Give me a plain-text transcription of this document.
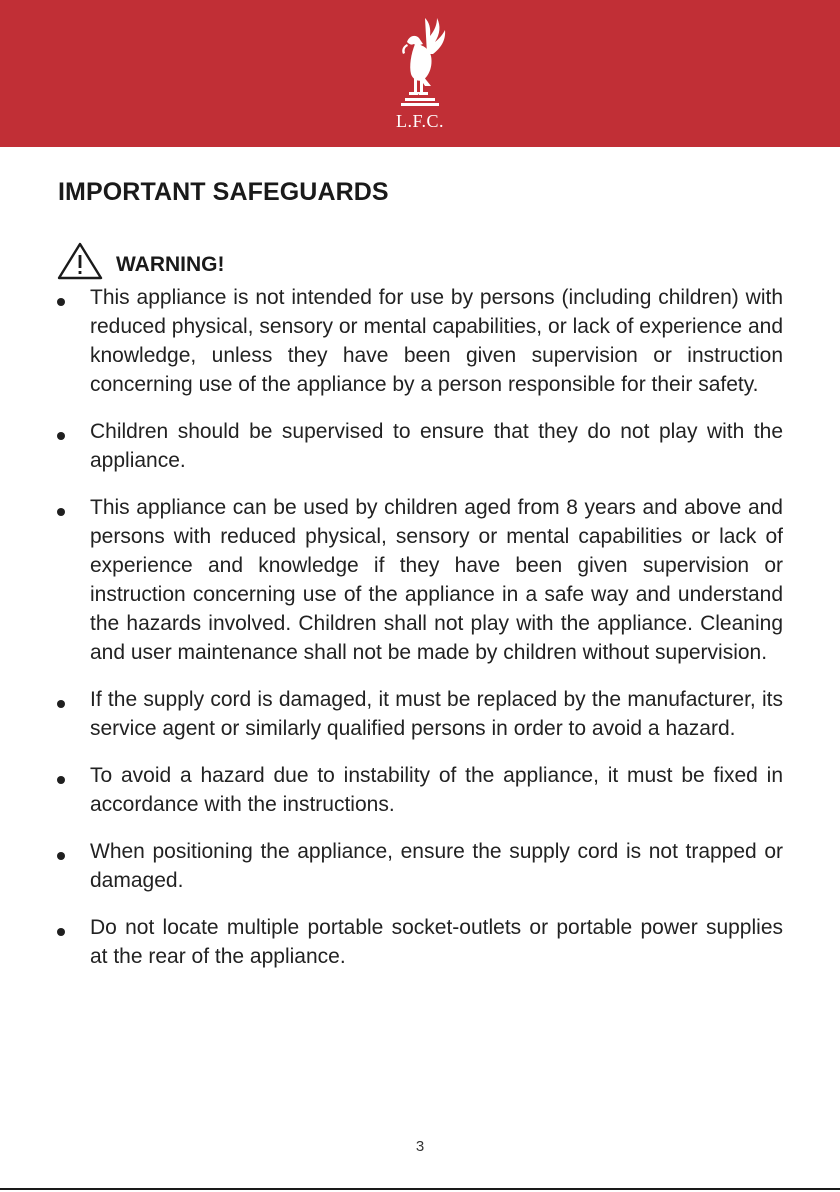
L.F.C.
IMPORTANT SAFEGUARDS
WARNING!

This appliance is not intended for use by persons (including children) with reduced physical, sensory or mental capabilities, or lack of experience and knowledge, unless they have been given supervision or instruction concerning use of the appliance by a person responsible for their safety.

Children should be supervised to ensure that they do not play with the appliance.

This appliance can be used by children aged from 8 years and above and persons with reduced physical, sensory or mental capabilities or lack of experience and knowledge if they have been given supervision or instruction concerning use of the appliance in a safe way and understand the hazards involved. Children shall not play with the appliance. Cleaning and user maintenance shall not be made by children without supervision.

If the supply cord is damaged, it must be replaced by the manufacturer, its service agent or similarly qualified persons in order to avoid a hazard.

To avoid a hazard due to instability of the appliance, it must be fixed in accordance with the instructions.

When positioning the appliance, ensure the supply cord is not trapped or damaged.

Do not locate multiple portable socket-outlets or portable power supplies at the rear of the appliance.

3
